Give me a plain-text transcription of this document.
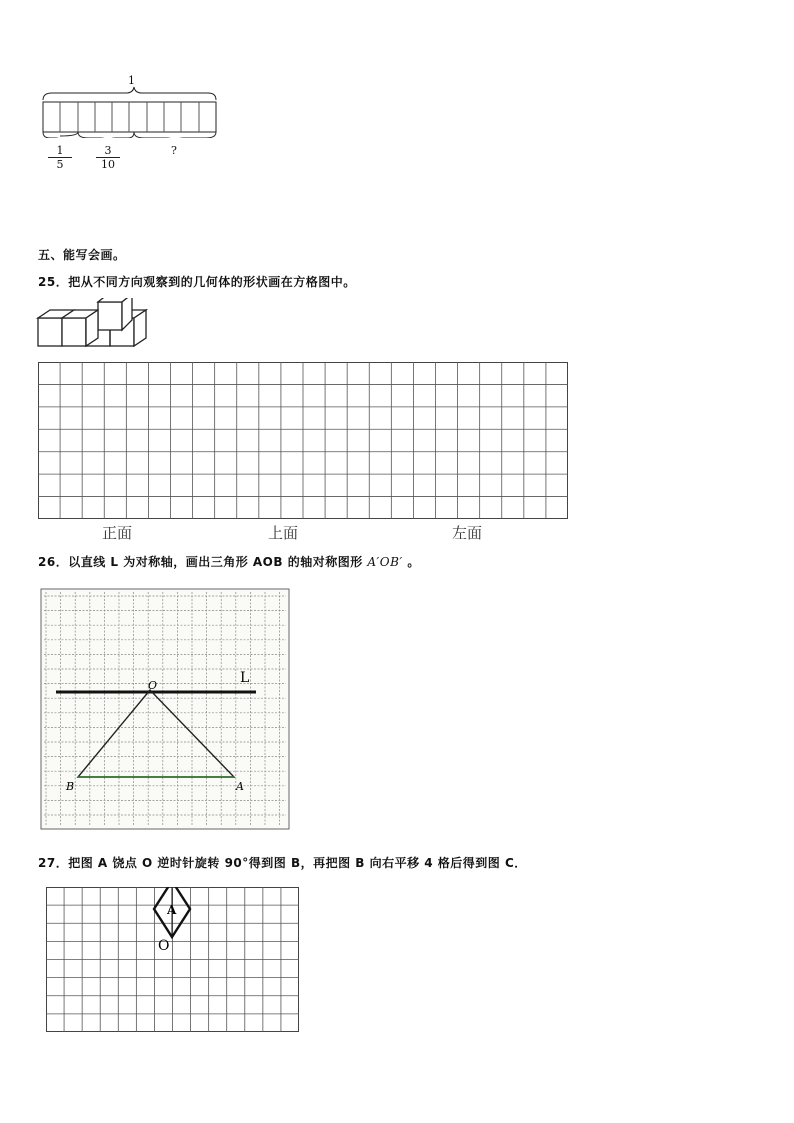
1
$\frac{1}{5} \frac{3}{10}$	?
五、能写会画。
25．把从不同方向观察到的几何体的形状画在方格图中。
正面	上面	左面
26．以直线 L 为对称轴，画出三角形 AOB 的轴对称图形 A′OB′ 。
L
O
B	A
27．把图 A 饶点 O 逆时针旋转 90°得到图 B，再把图 B 向右平移 4 格后得到图 C．
A
O
